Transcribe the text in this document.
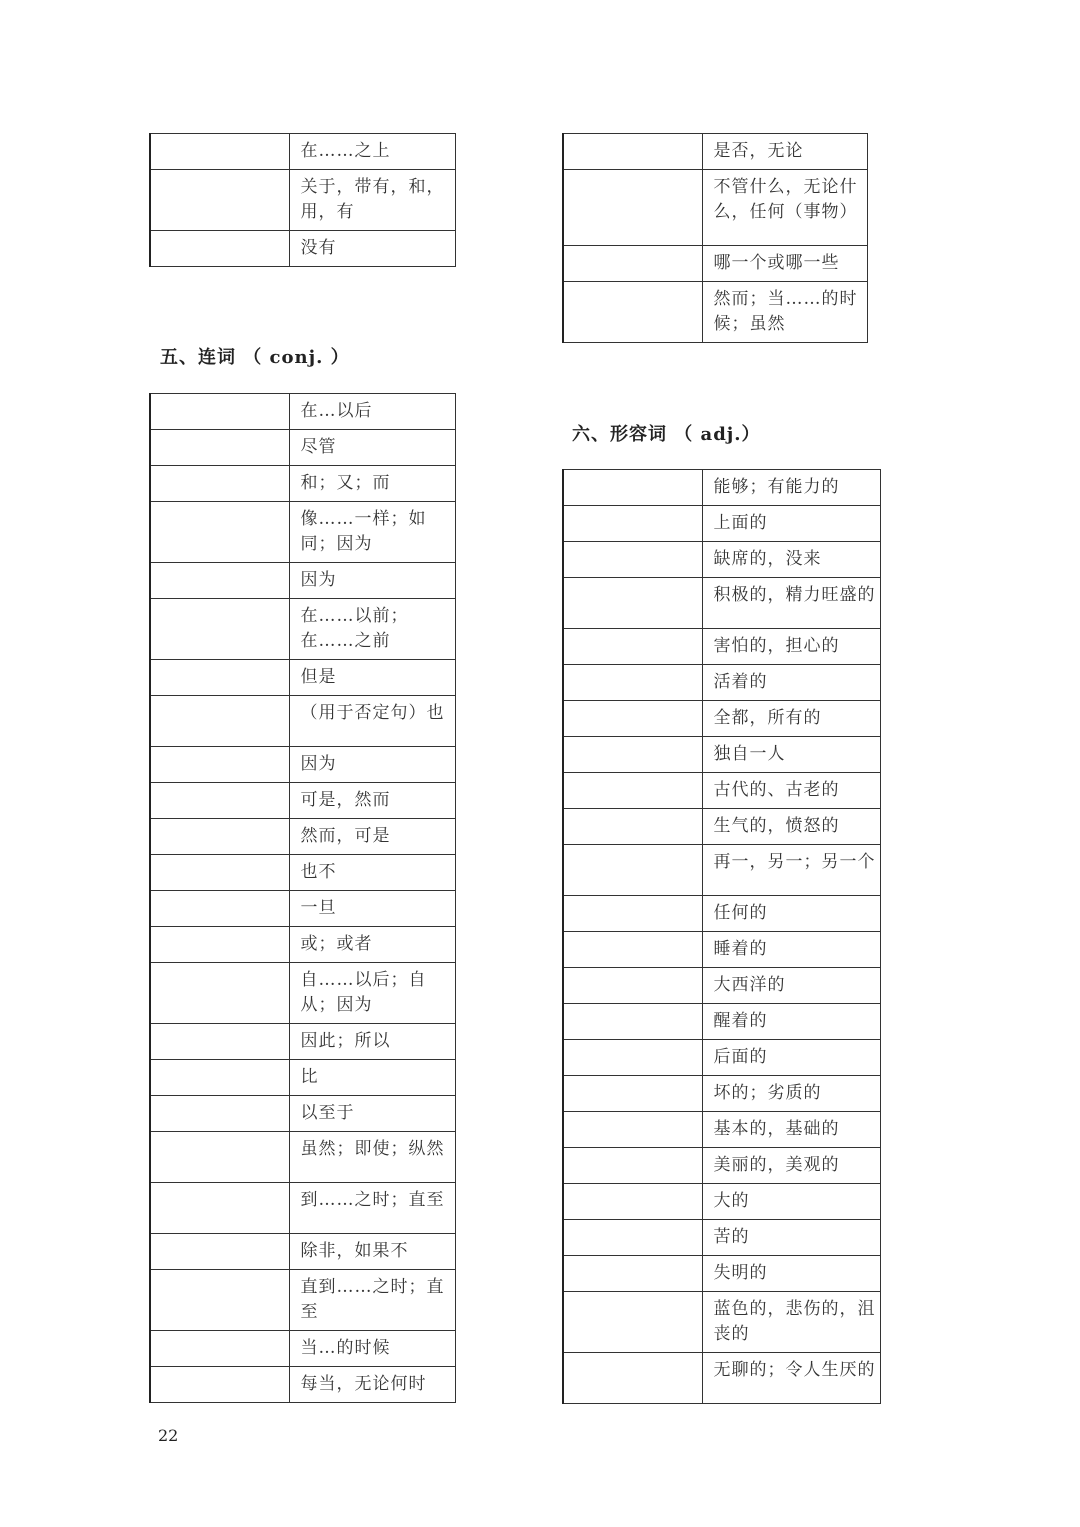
	在……之上
	关于，带有，和，用，有
	没有
	是否，无论
	不管什么，无论什么，任何（事物）
	哪一个或哪一些
	然而；当……的时候；虽然
五、连词 （ conj. ）
	在…以后
	尽管
	和；又；而
	像……一样；如同；因为
	因为
	在……以前；在……之前
	但是
	（用于否定句）也
	因为
	可是，然而
	然而，可是
	也不
	一旦
	或；或者
	自……以后；自从；因为
	因此；所以
	比
	以至于
	虽然；即使；纵然
	到……之时；直至
	除非，如果不
	直到……之时；直至
	当…的时候
	每当，无论何时
六、形容词 （ adj.）
	能够；有能力的
	上面的
	缺席的，没来
	积极的，精力旺盛的
	害怕的，担心的
	活着的
	全都，所有的
	独自一人
	古代的、古老的
	生气的，愤怒的
	再一，另一；另一个
	任何的
	睡着的
	大西洋的
	醒着的
	后面的
	坏的；劣质的
	基本的，基础的
	美丽的，美观的
	大的
	苦的
	失明的
	蓝色的，悲伤的，沮丧的
	无聊的；令人生厌的
22
